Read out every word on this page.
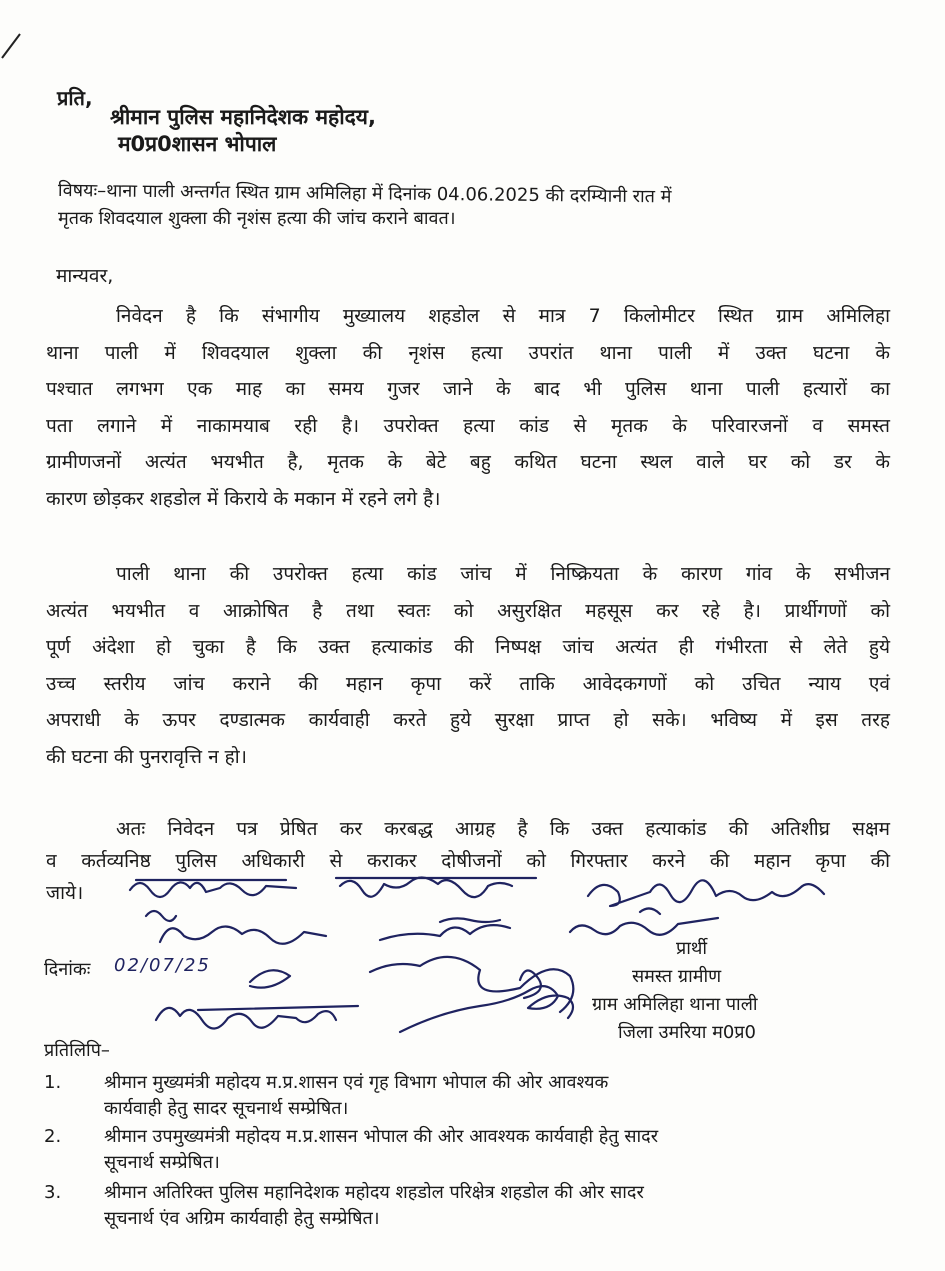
प्रति,
श्रीमान पुलिस महानिदेशक महोदय,
म0प्र0शासन भोपाल
विषयः–थाना पाली अन्तर्गत स्थित ग्राम अमिलिहा में दिनांक 04.06.2025 की दरम्यिानी रात में
मृतक शिवदयाल शुक्ला की नृशंस हत्या की जांच कराने बावत।
मान्यवर,
निवेदन है कि संभागीय मुख्यालय शहडोल से मात्र 7 किलोमीटर स्थित ग्राम अमिलिहा
थाना पाली में शिवदयाल शुक्ला की नृशंस हत्या उपरांत थाना पाली में उक्त घटना के
पश्चात लगभग एक माह का समय गुजर जाने के बाद भी पुलिस थाना पाली हत्यारों का
पता लगाने में नाकामयाब रही है। उपरोक्त हत्या कांड से मृतक के परिवारजनों व समस्त
ग्रामीणजनों अत्यंत भयभीत है, मृतक के बेटे बहु कथित घटना स्थल वाले घर को डर के
कारण छोड़कर शहडोल में किराये के मकान में रहने लगे है।
पाली थाना की उपरोक्त हत्या कांड जांच में निष्क्रियता के कारण गांव के सभीजन
अत्यंत भयभीत व आक्रोषित है तथा स्वतः को असुरक्षित महसूस कर रहे है। प्रार्थीगणों को
पूर्ण अंदेशा हो चुका है कि उक्त हत्याकांड की निष्पक्ष जांच अत्यंत ही गंभीरता से लेते हुये
उच्च स्तरीय जांच कराने की महान कृपा करें ताकि आवेदकगणों को उचित न्याय एवं
अपराधी के ऊपर दण्डात्मक कार्यवाही करते हुये सुरक्षा प्राप्त हो सके। भविष्य में इस तरह
की घटना की पुनरावृत्ति न हो।
अतः निवेदन पत्र प्रेषित कर करबद्ध आग्रह है कि उक्त हत्याकांड की अतिशीघ्र सक्षम
व कर्तव्यनिष्ठ पुलिस अधिकारी से कराकर दोषीजनों को गिरफ्तार करने की महान कृपा की
जाये।
दिनांकः 02/07/25
प्रार्थी
समस्त ग्रामीण
ग्राम अमिलिहा थाना पाली
जिला उमरिया म0प्र0
प्रतिलिपि–
1. श्रीमान मुख्यमंत्री महोदय म.प्र.शासन एवं गृह विभाग भोपाल की ओर आवश्यक
कार्यवाही हेतु सादर सूचनार्थ सम्प्रेषित।
2. श्रीमान उपमुख्यमंत्री महोदय म.प्र.शासन भोपाल की ओर आवश्यक कार्यवाही हेतु सादर
सूचनार्थ सम्प्रेषित।
3. श्रीमान अतिरिक्त पुलिस महानिदेशक महोदय शहडोल परिक्षेत्र शहडोल की ओर सादर
सूचनार्थ एंव अग्रिम कार्यवाही हेतु सम्प्रेषित।
